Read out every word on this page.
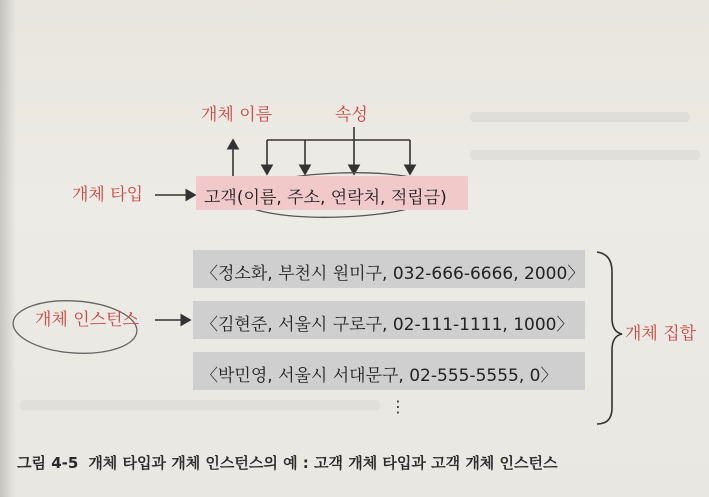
개체 이름	속성
개체 타입
개체 인스턴스
개체 집합
고객(이름, 주소, 연락처, 적립금)
〈정소화, 부천시 원미구, 032-666-6666, 2000〉
〈김현준, 서울시 구로구, 02-111-1111, 1000〉
〈박민영, 서울시 서대문구, 02-555-5555, 0〉
⋮
그림 4-5 개체 타입과 개체 인스턴스의 예 : 고객 개체 타입과 고객 개체 인스턴스
